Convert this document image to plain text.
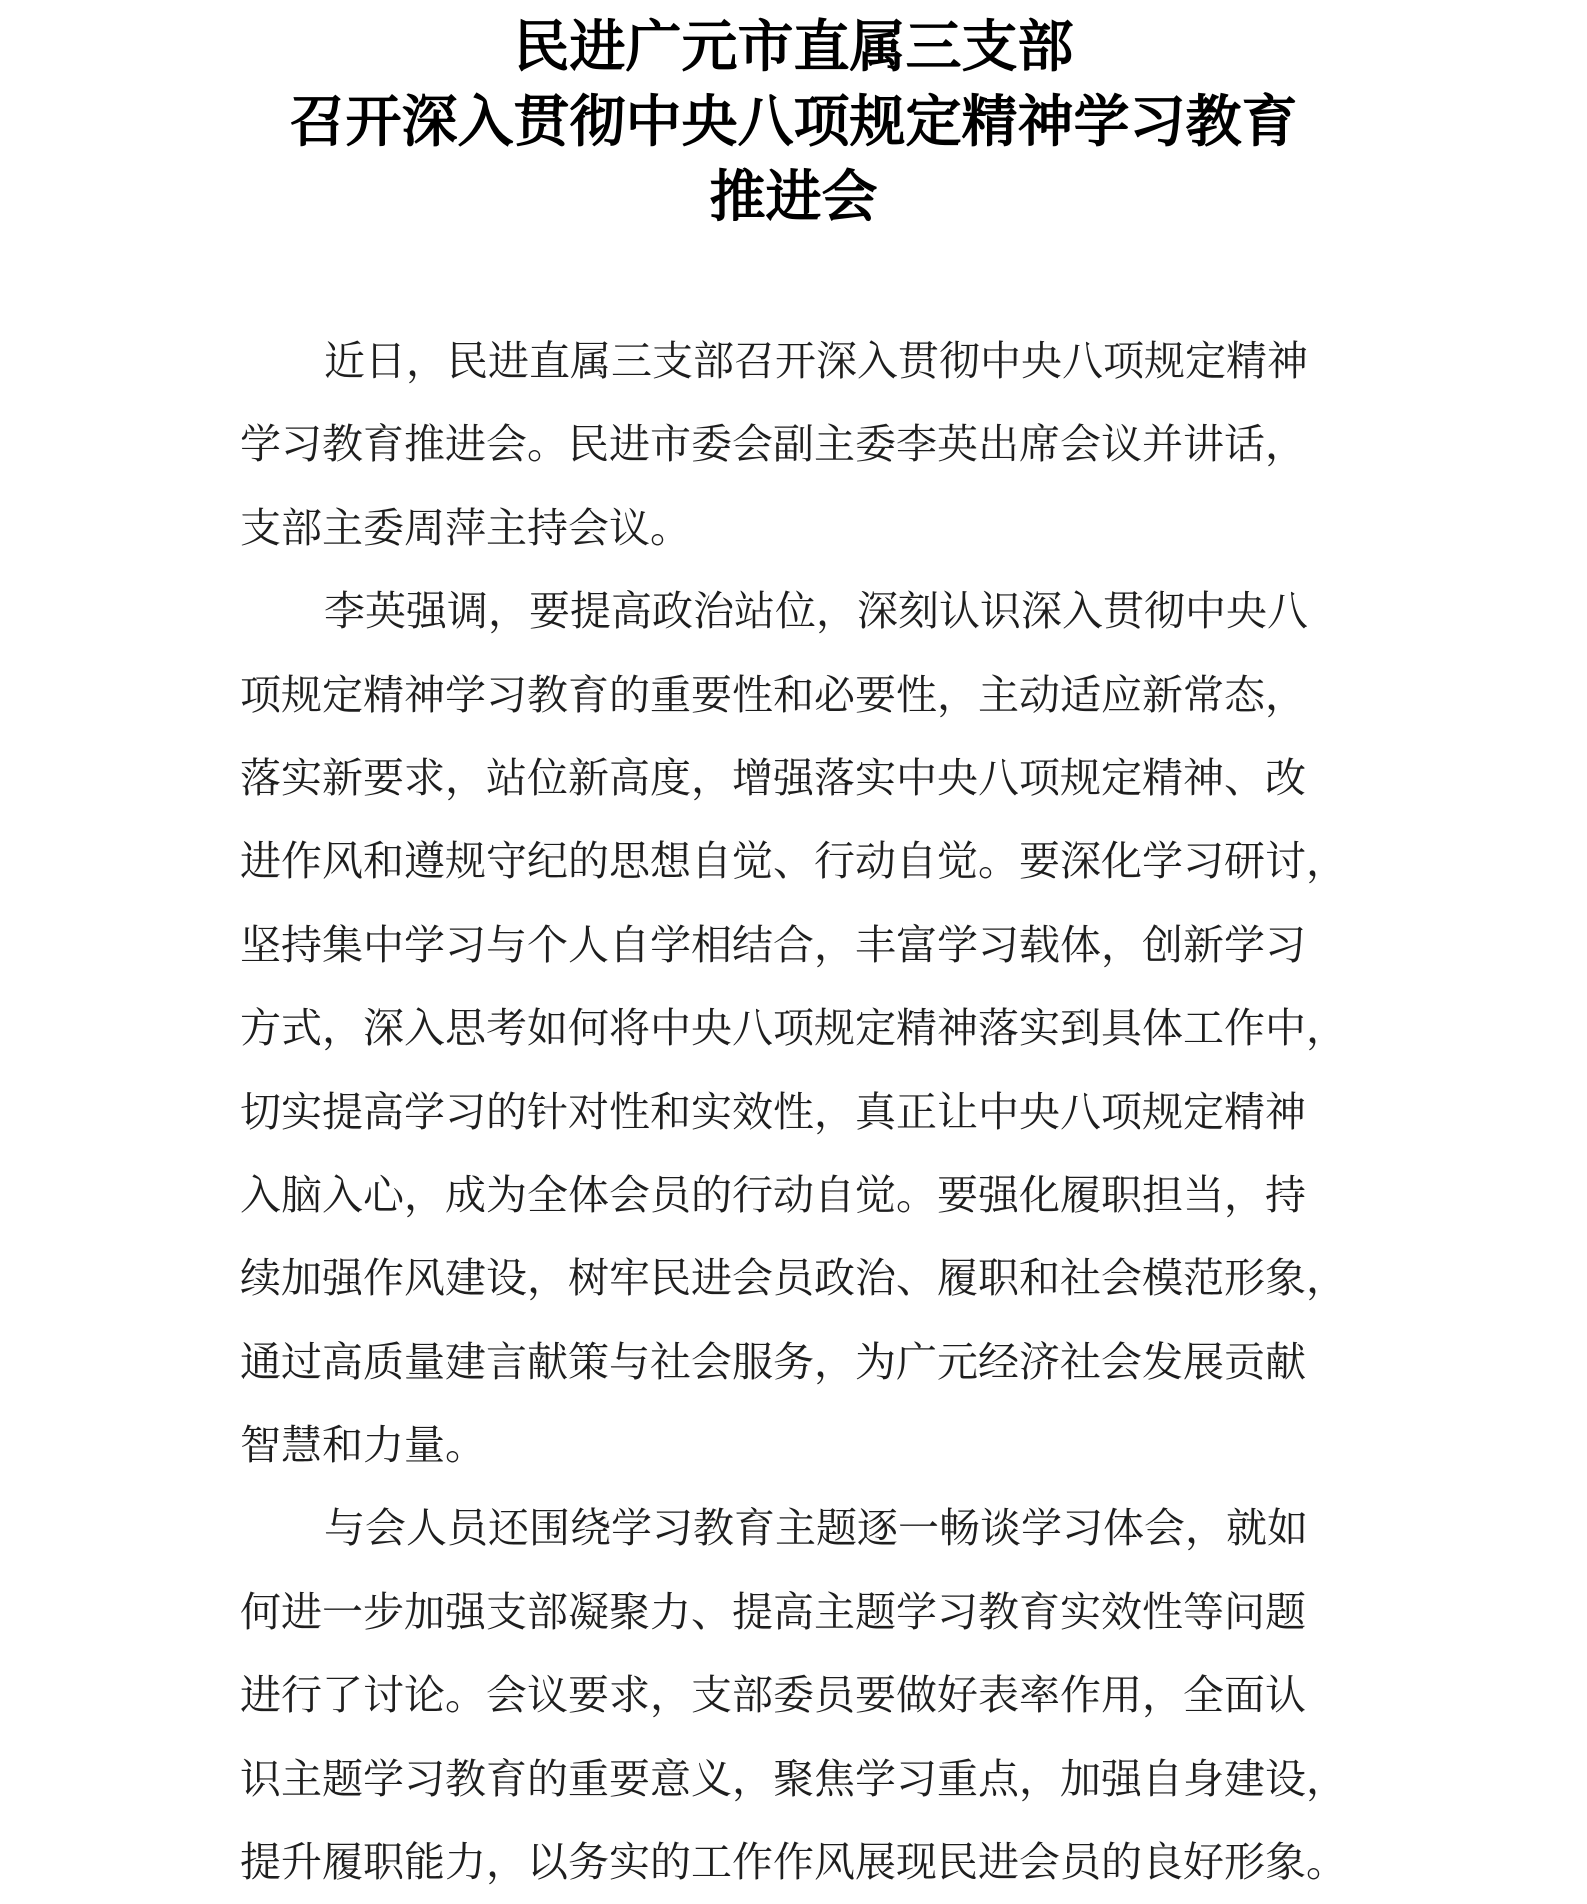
民进广元市直属三支部
召开深入贯彻中央八项规定精神学习教育
推进会
近日，民进直属三支部召开深入贯彻中央八项规定精神
学习教育推进会。民进市委会副主委李英出席会议并讲话，
支部主委周萍主持会议。
李英强调，要提高政治站位，深刻认识深入贯彻中央八
项规定精神学习教育的重要性和必要性，主动适应新常态，
落实新要求，站位新高度，增强落实中央八项规定精神、改
进作风和遵规守纪的思想自觉、行动自觉。要深化学习研讨，
坚持集中学习与个人自学相结合，丰富学习载体，创新学习
方式，深入思考如何将中央八项规定精神落实到具体工作中，
切实提高学习的针对性和实效性，真正让中央八项规定精神
入脑入心，成为全体会员的行动自觉。要强化履职担当，持
续加强作风建设，树牢民进会员政治、履职和社会模范形象，
通过高质量建言献策与社会服务，为广元经济社会发展贡献
智慧和力量。
与会人员还围绕学习教育主题逐一畅谈学习体会，就如
何进一步加强支部凝聚力、提高主题学习教育实效性等问题
进行了讨论。会议要求，支部委员要做好表率作用，全面认
识主题学习教育的重要意义，聚焦学习重点，加强自身建设，
提升履职能力，以务实的工作作风展现民进会员的良好形象。
